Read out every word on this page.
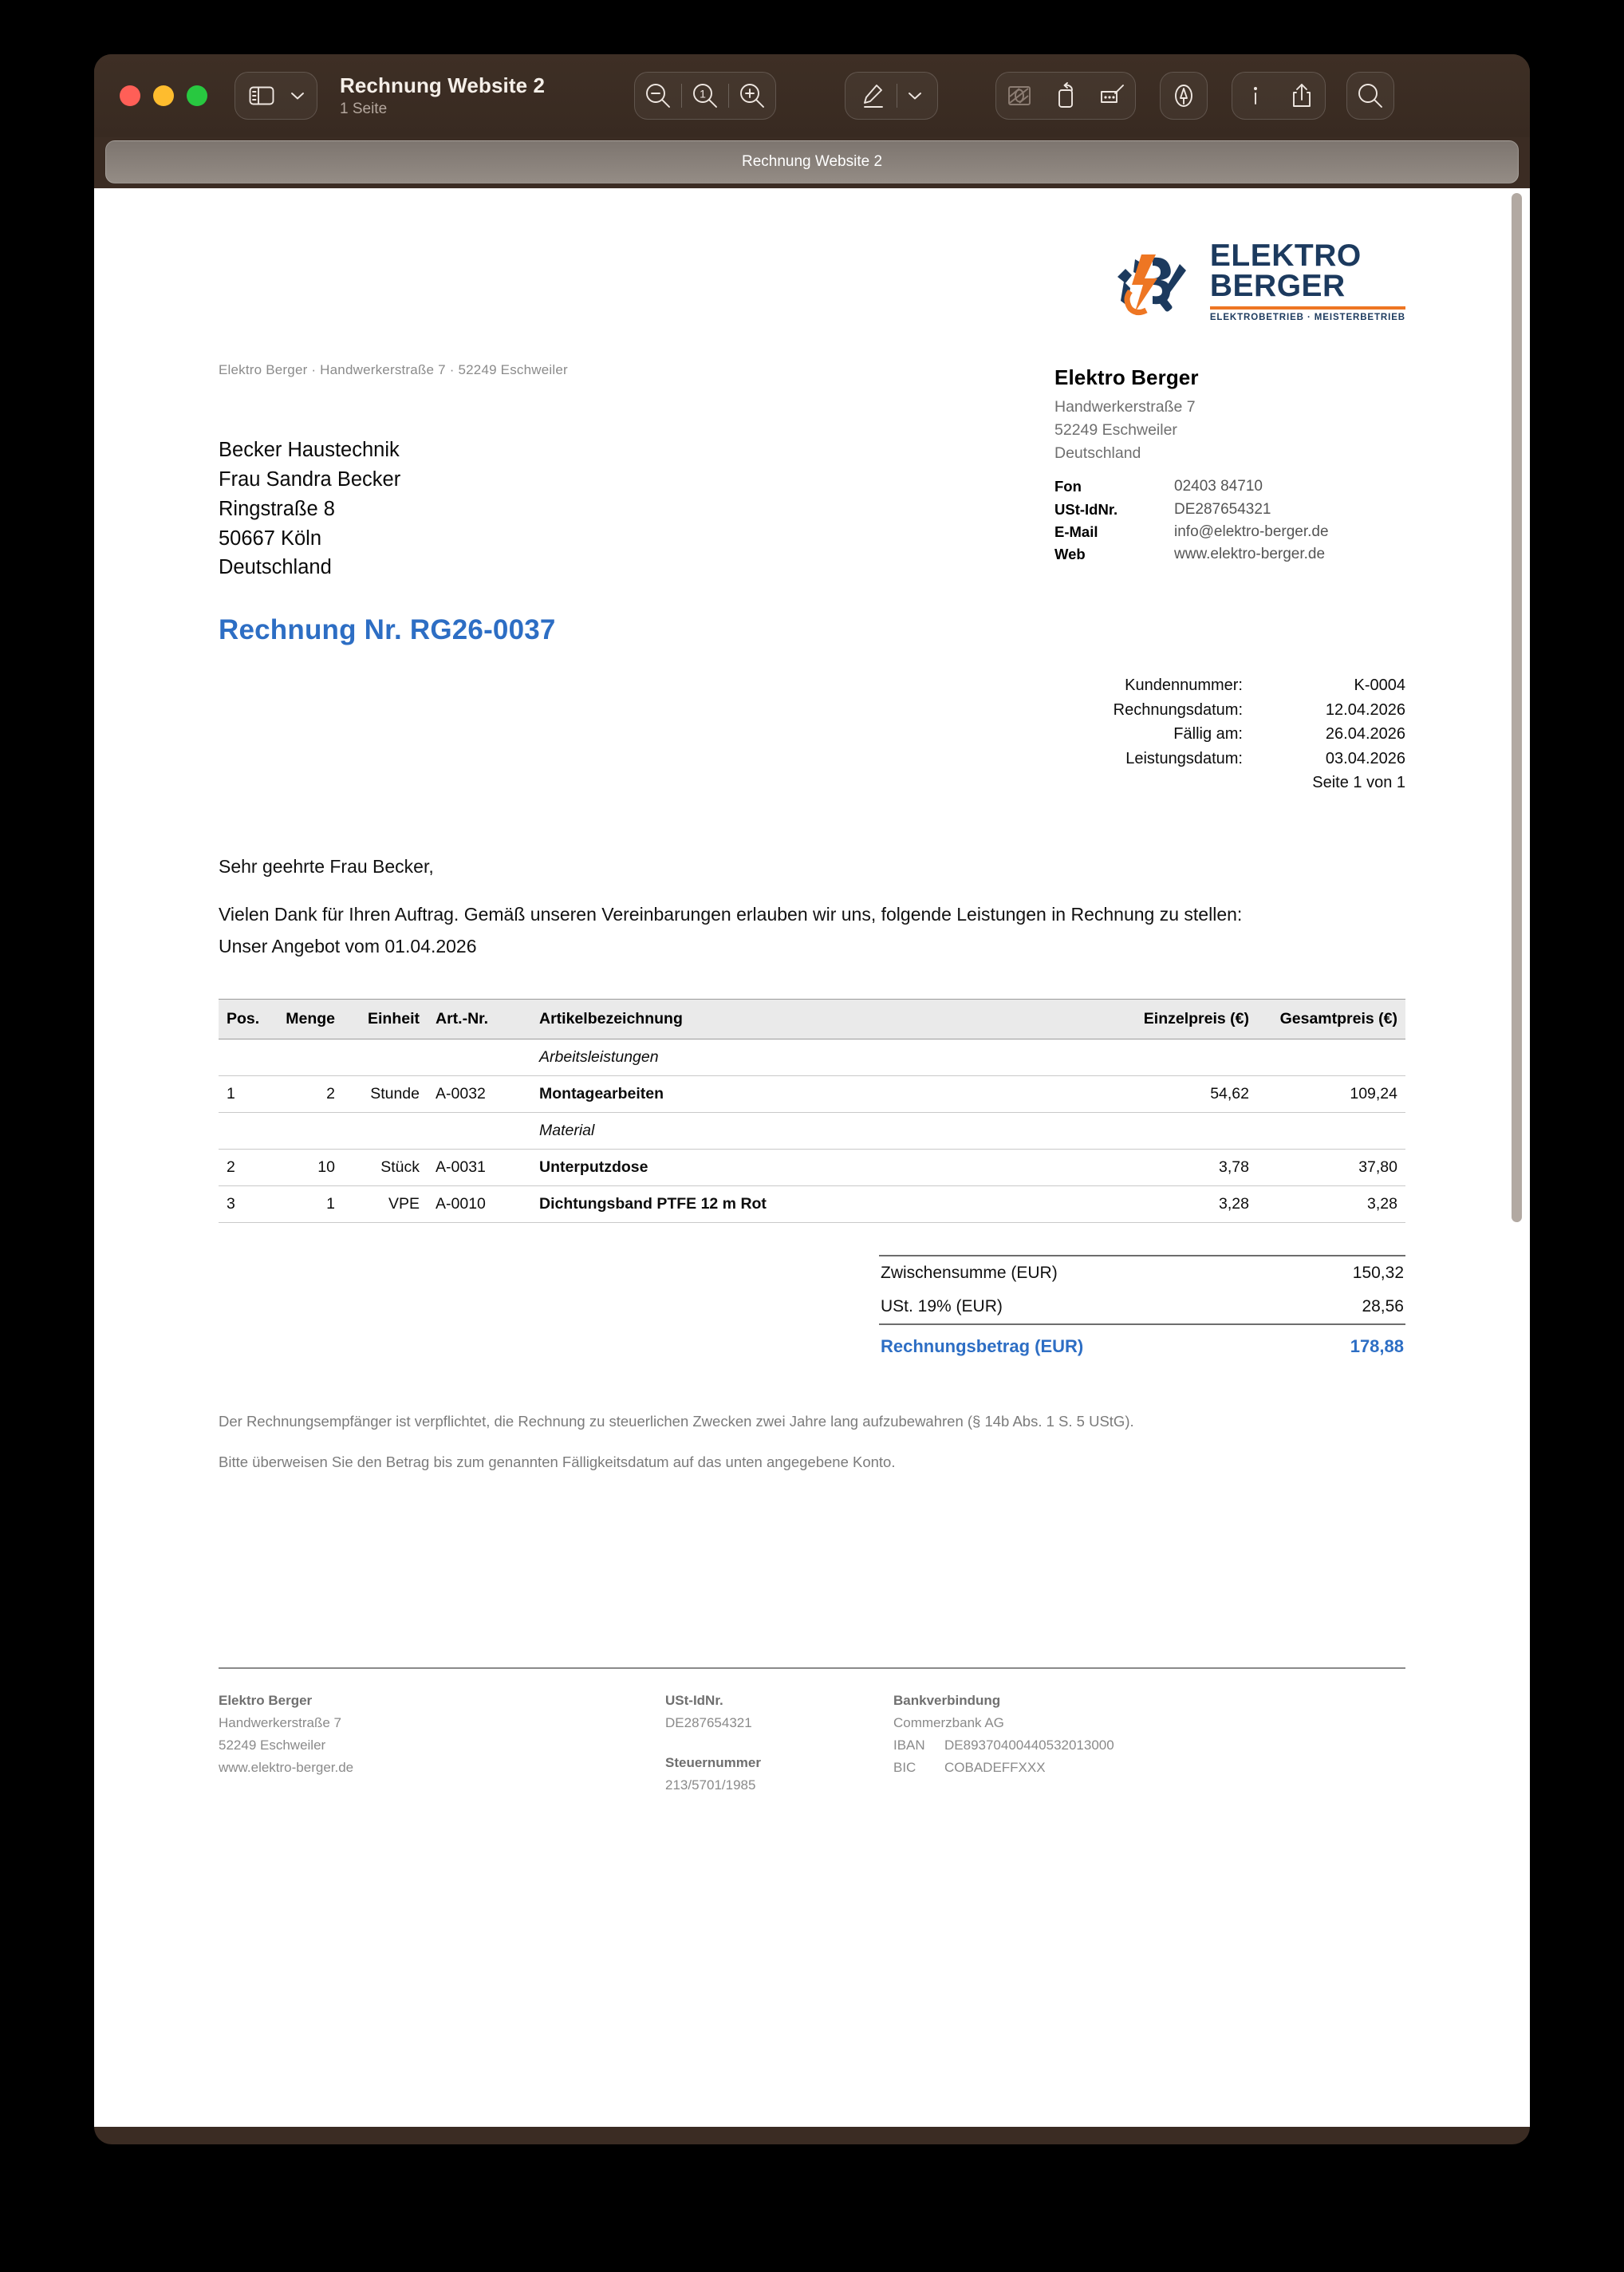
Rechnung Website 2
1 Seite
1
Rechnung Website 2
ELEKTRO
BERGER
ELEKTROBETRIEB · MEISTERBETRIEB
Elektro Berger · Handwerkerstraße 7 · 52249 Eschweiler
Becker Haustechnik
Frau Sandra Becker
Ringstraße 8
50667 Köln
Deutschland
Elektro Berger
Handwerkerstraße 7
52249 Eschweiler
Deutschland
Fon	02403 84710
USt-IdNr.	DE287654321
E-Mail	info@elektro-berger.de
Web	www.elektro-berger.de
Rechnung Nr. RG26-0037
Kundennummer:	K-0004
Rechnungsdatum:	12.04.2026
Fällig am:	26.04.2026
Leistungsdatum:	03.04.2026
Seite 1 von 1
Sehr geehrte Frau Becker,
Vielen Dank für Ihren Auftrag. Gemäß unseren Vereinbarungen erlauben wir uns, folgende Leistungen in Rechnung zu stellen:
Unser Angebot vom 01.04.2026
Pos.	Menge	Einheit	Art.-Nr.	Artikelbezeichnung	Einzelpreis (€)	Gesamtpreis (€)
				Arbeitsleistungen		
1	2	Stunde	A-0032	Montagearbeiten	54,62	109,24
				Material		
2	10	Stück	A-0031	Unterputzdose	3,78	37,80
3	1	VPE	A-0010	Dichtungsband PTFE 12 m Rot	3,28	3,28
Zwischensumme (EUR)	150,32
USt. 19% (EUR)	28,56
Rechnungsbetrag (EUR)	178,88

Der Rechnungsempfänger ist verpflichtet, die Rechnung zu steuerlichen Zwecken zwei Jahre lang aufzubewahren (§ 14b Abs. 1 S. 5 UStG).

Bitte überweisen Sie den Betrag bis zum genannten Fälligkeitsdatum auf das unten angegebene Konto.

Elektro Berger
Handwerkerstraße 7
52249 Eschweiler
www.elektro-berger.de
USt-IdNr.
DE287654321
Steuernummer
213/5701/1985
Bankverbindung
Commerzbank AG
IBAN	DE89370400440532013000
BIC	COBADEFFXXX
